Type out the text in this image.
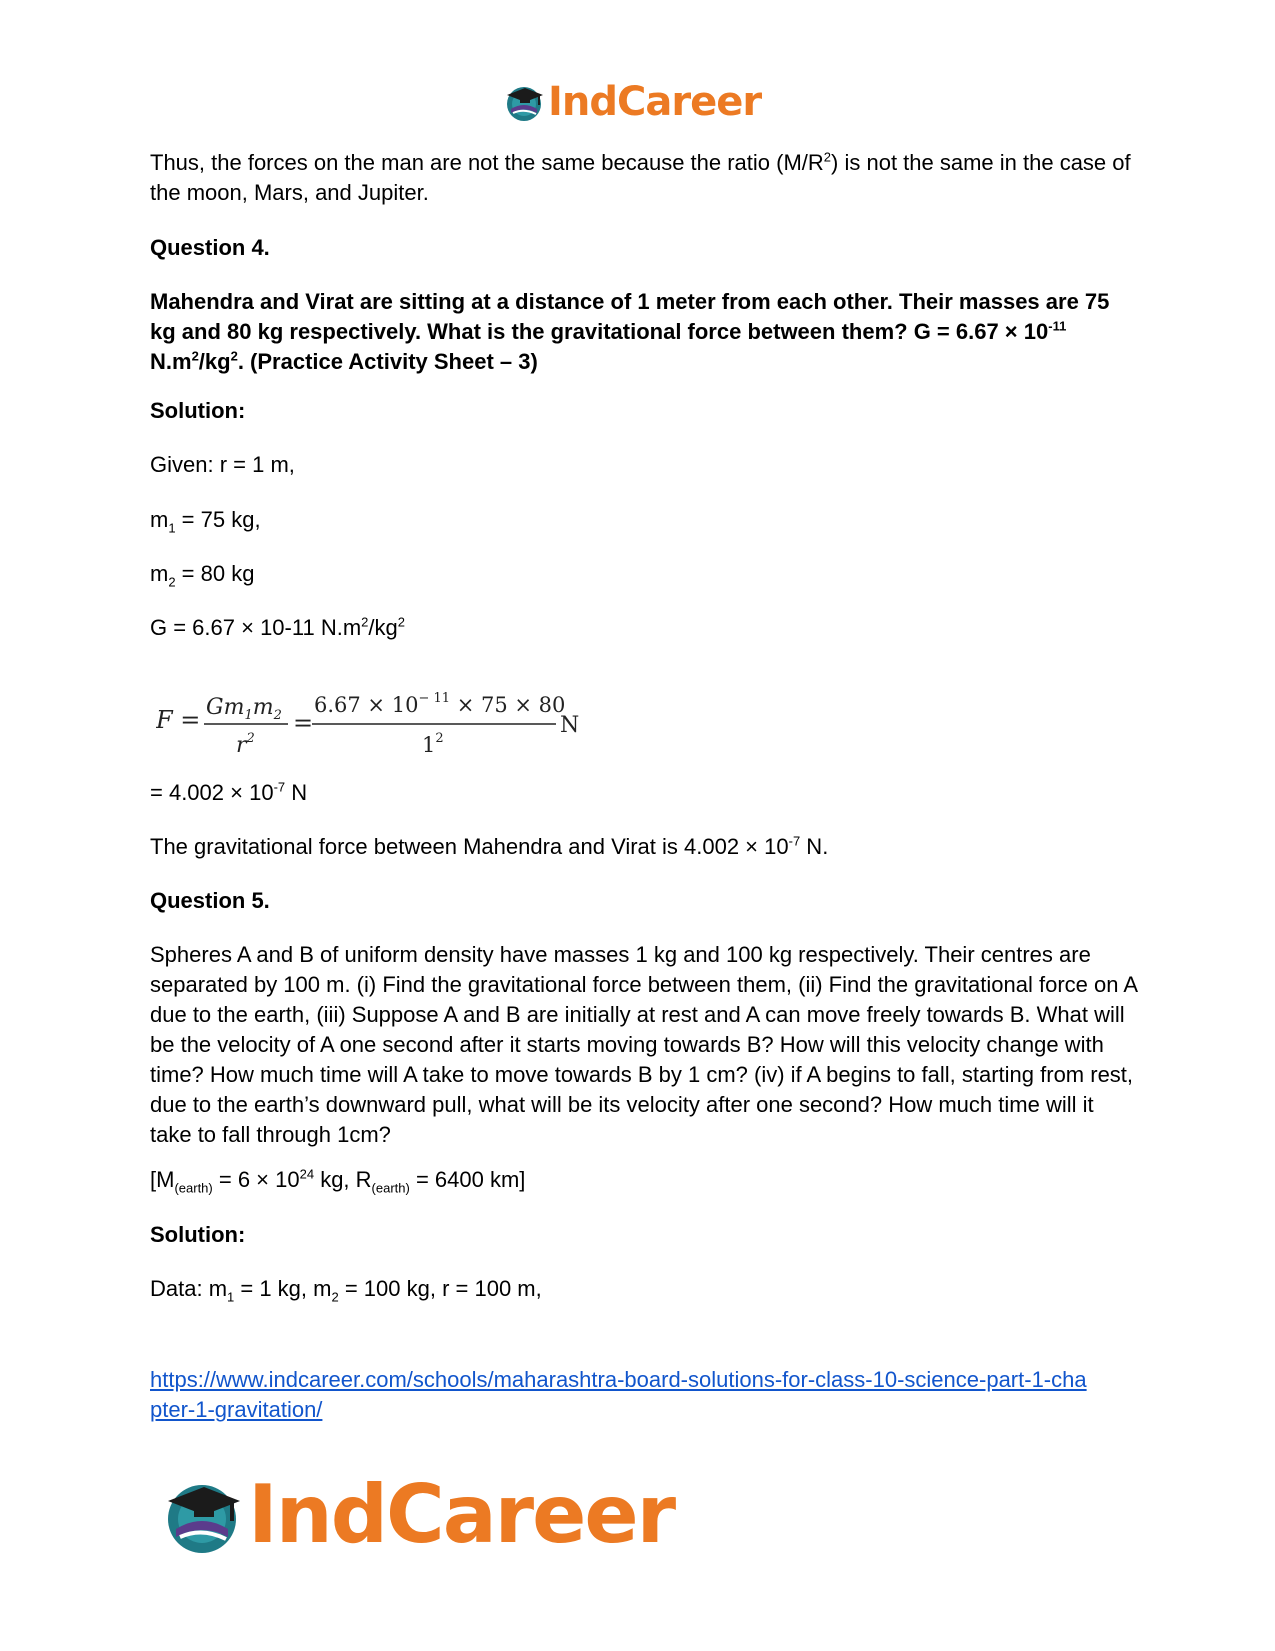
IndCareer

Thus, the forces on the man are not the same because the ratio $(M/R^2)$ is not the same in the case of the moon, Mars, and Jupiter.

Question 4.

Mahendra and Virat are sitting at a distance of 1 meter from each other. Their masses are 75 kg and 80 kg respectively. What is the gravitational force between them? $G = 6.67 \times 10^{-11}$ $N.m^2/kg^2$. (Practice Activity Sheet – 3)

Solution:

Given: r = 1 m,

$m_1 = 75$ kg,

$m_2 = 80$ kg

G = 6.67 × 10-11 $N.m^2/kg^2$

= $4.002 \times 10^{-7}$ N

The gravitational force between Mahendra and Virat is $4.002 \times 10^{-7}$ N.

Question 5.

Spheres A and B of uniform density have masses 1 kg and 100 kg respectively. Their centres are separated by 100 m. (i) Find the gravitational force between them, (ii) Find the gravitational force on A due to the earth, (iii) Suppose A and B are initially at rest and A can move freely towards B. What will be the velocity of A one second after it starts moving towards B? How will this velocity change with time? How much time will A take to move towards B by 1 cm? (iv) if A begins to fall, starting from rest, due to the earth’s downward pull, what will be its velocity after one second? How much time will it take to fall through 1cm?

[$M_{(earth)} = 6 \times 10^{24}$ kg, $R_{(earth)} = 6400$ km]

Solution:

Data: $m_1 = 1$ kg, $m_2 = 100$ kg, r = 100 m,

https://www.indcareer.com/schools/maharashtra-board-solutions-for-class-10-science-part-1-cha
pter-1-gravitation/

$F = Gm_1m_2$
$r^2$
=
$6.67 \times 10^{- 11} \times 75 \times 80$
$1^2$
N
IndCareer
